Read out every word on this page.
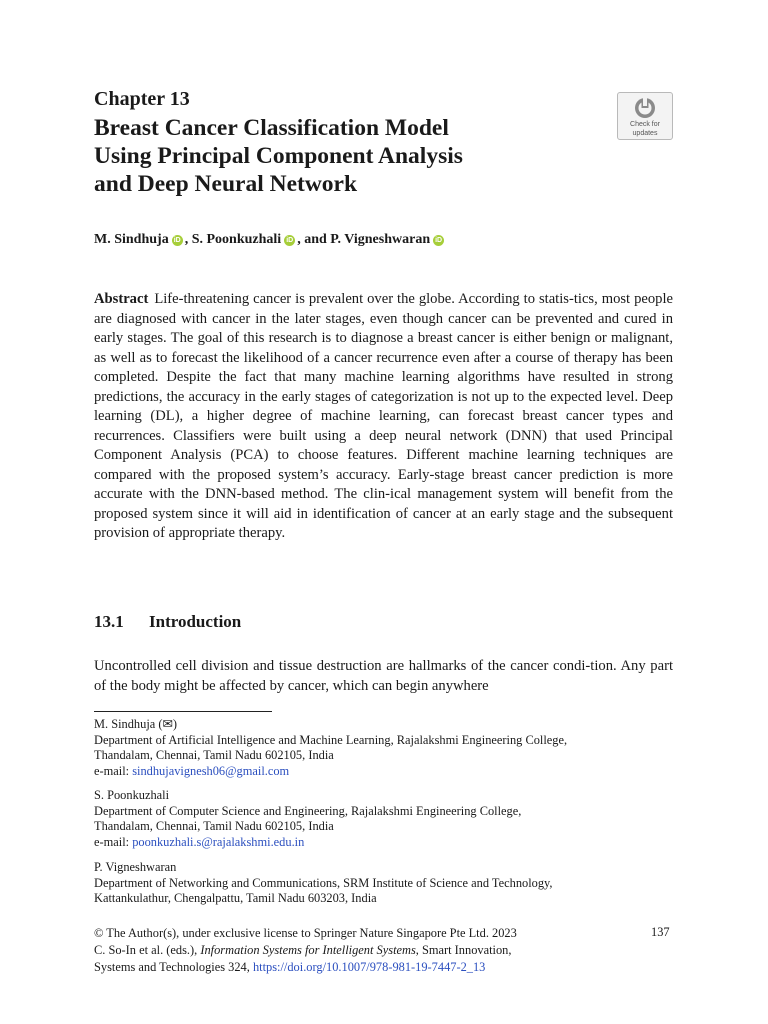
Chapter 13
Breast Cancer Classification Model
Using Principal Component Analysis
and Deep Neural Network
Check for
updates
M. Sindhuja iD , S. Poonkuzhali iD , and P. Vigneshwaran iD

Abstract Life-threatening cancer is prevalent over the globe. According to statis-tics, most people are diagnosed with cancer in the later stages, even though cancer can be prevented and cured in early stages. The goal of this research is to diagnose a breast cancer is either benign or malignant, as well as to forecast the likelihood of a cancer recurrence even after a course of therapy has been completed. Despite the fact that many machine learning algorithms have resulted in strong predictions, the accuracy in the early stages of categorization is not up to the expected level. Deep learning (DL), a higher degree of machine learning, can forecast breast cancer types and recurrences. Classifiers were built using a deep neural network (DNN) that used Principal Component Analysis (PCA) to choose features. Different machine learning techniques are compared with the proposed system’s accuracy. Early-stage breast cancer prediction is more accurate with the DNN-based method. The clin-ical management system will benefit from the proposed system since it will aid in identification of cancer at an early stage and the subsequent provision of appropriate therapy.

13.1 Introduction

Uncontrolled cell division and tissue destruction are hallmarks of the cancer condi-tion. Any part of the body might be affected by cancer, which can begin anywhere

M. Sindhuja (✉)
Department of Artificial Intelligence and Machine Learning, Rajalakshmi Engineering College,
Thandalam, Chennai, Tamil Nadu 602105, India
e-mail: sindhujavignesh06@gmail.com
S. Poonkuzhali
Department of Computer Science and Engineering, Rajalakshmi Engineering College,
Thandalam, Chennai, Tamil Nadu 602105, India
e-mail: poonkuzhali.s@rajalakshmi.edu.in
P. Vigneshwaran
Department of Networking and Communications, SRM Institute of Science and Technology,
Kattankulathur, Chengalpattu, Tamil Nadu 603203, India
© The Author(s), under exclusive license to Springer Nature Singapore Pte Ltd. 2023
C. So-In et al. (eds.), Information Systems for Intelligent Systems, Smart Innovation,
Systems and Technologies 324, https://doi.org/10.1007/978-981-19-7447-2_13
137
